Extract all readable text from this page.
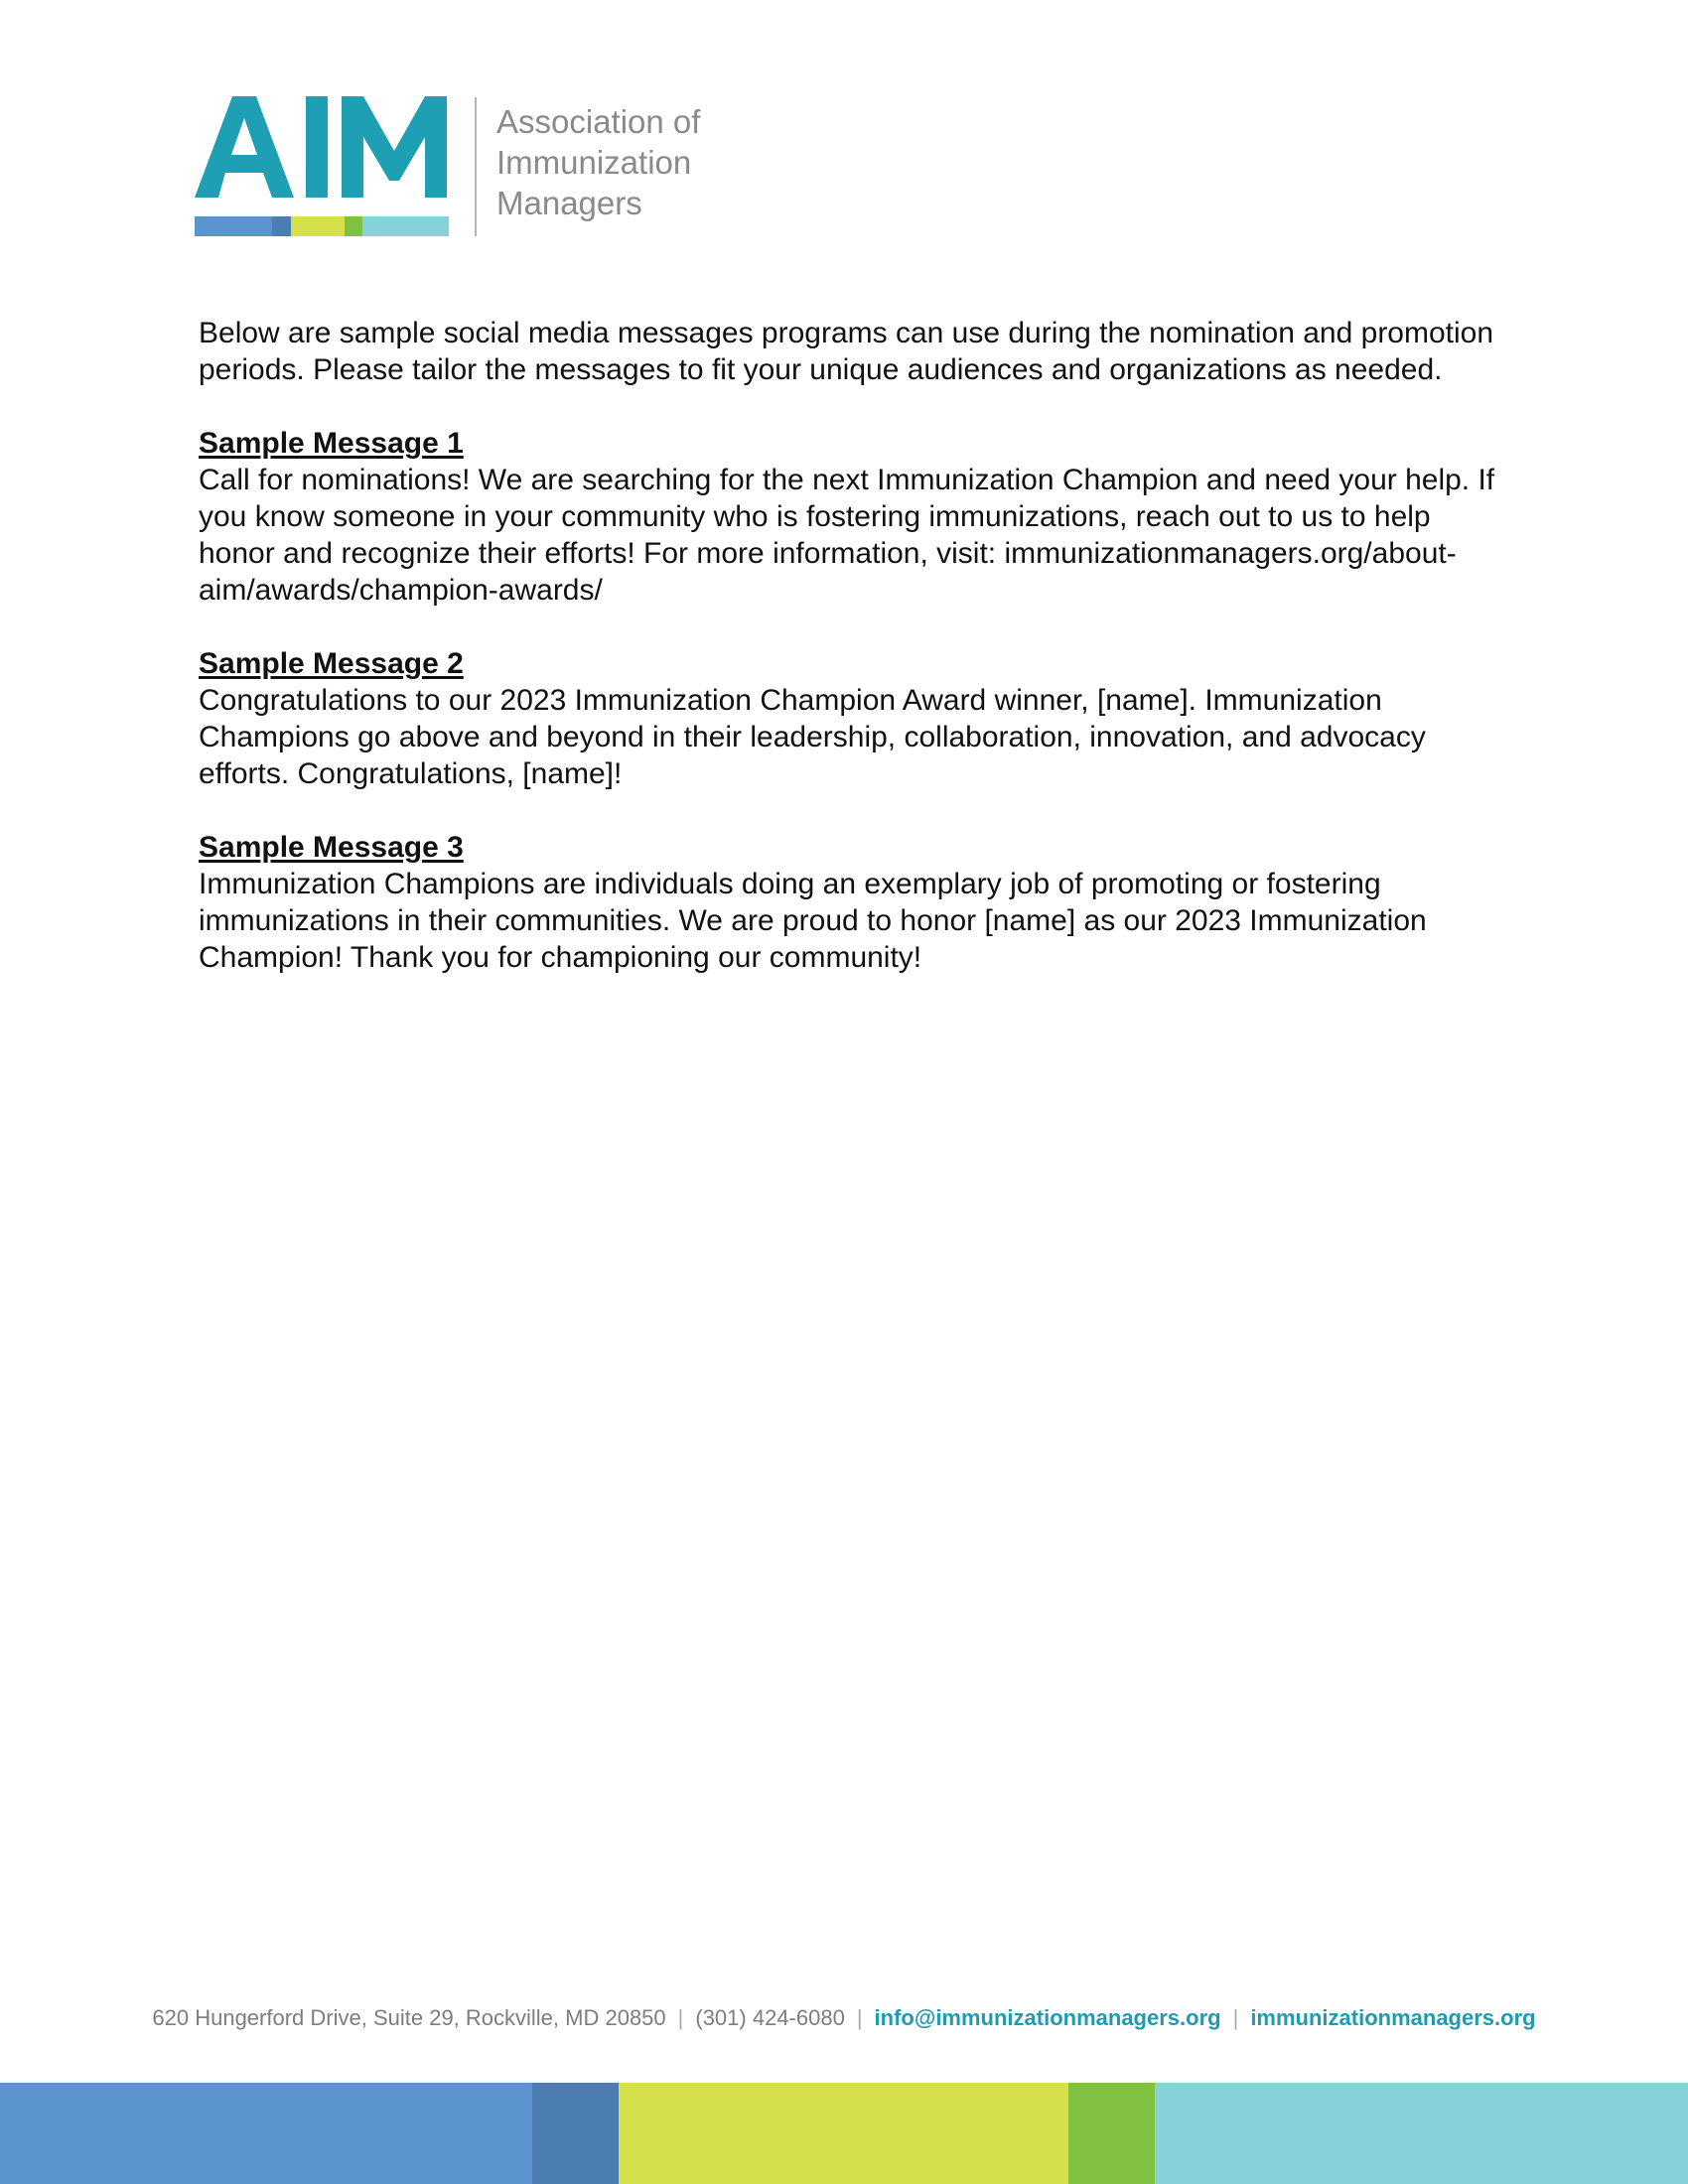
Association of
Immunization
Managers

Below are sample social media messages programs can use during the nomination and promotion periods. Please tailor the messages to fit your unique audiences and organizations as needed.

Sample Message 1

Call for nominations! We are searching for the next Immunization Champion and need your help. If you know someone in your community who is fostering immunizations, reach out to us to help honor and recognize their efforts! For more information, visit: immunizationmanagers.org/about-aim/awards/champion-awards/

Sample Message 2

Congratulations to our 2023 Immunization Champion Award winner, [name]. Immunization Champions go above and beyond in their leadership, collaboration, innovation, and advocacy efforts. Congratulations, [name]!

Sample Message 3

Immunization Champions are individuals doing an exemplary job of promoting or fostering immunizations in their communities. We are proud to honor [name] as our 2023 Immunization Champion! Thank you for championing our community!

620 Hungerford Drive, Suite 29, Rockville, MD 20850 | (301) 424-6080 | info@immunizationmanagers.org | immunizationmanagers.org
